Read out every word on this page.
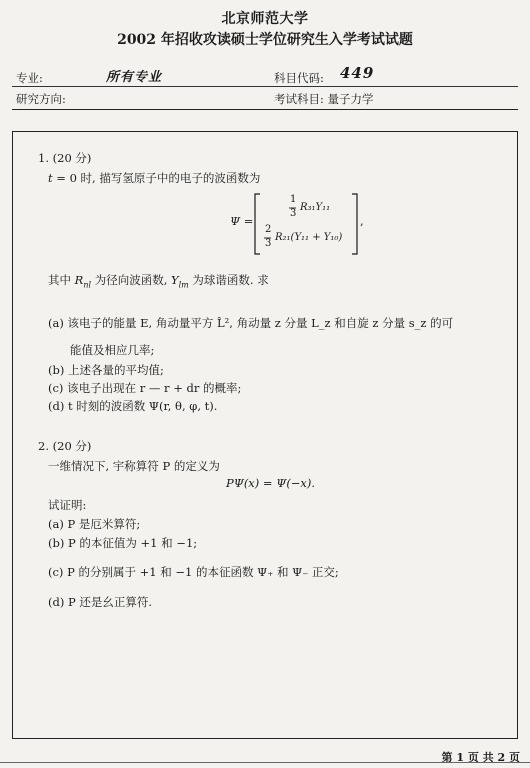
北京师范大学
2002 年招收攻读硕士学位研究生入学考试试题
专业:	所有专业	科目代码: 449
研究方向:	考试科目: 量子力学
1. (20 分)
t = 0 时, 描写氢原子中的电子的波函数为
Ψ =
1
3
R₃₁Y₁₁
2
3
R₂₁(Y₁₁ + Y₁₀)
,
其中 $R_{nl}$ 为径向波函数, $Y_{lm}$ 为球谐函数. 求
(a) 该电子的能量 E, 角动量平方 L̂², 角动量 z 分量 L_z 和自旋 z 分量 s_z 的可
能值及相应几率;
(b) 上述各量的平均值;
(c) 该电子出现在 r — r + dr 的概率;
(d) t 时刻的波函数 Ψ(r, θ, φ, t).
2. (20 分)
一维情况下, 宇称算符 P 的定义为
PΨ(x) = Ψ(−x).
试证明:
(a) P 是厄米算符;
(b) P 的本征值为 +1 和 −1;
(c) P 的分别属于 +1 和 −1 的本征函数 Ψ₊ 和 Ψ₋ 正交;
(d) P 还是幺正算符.
第 1 页 共 2 页
